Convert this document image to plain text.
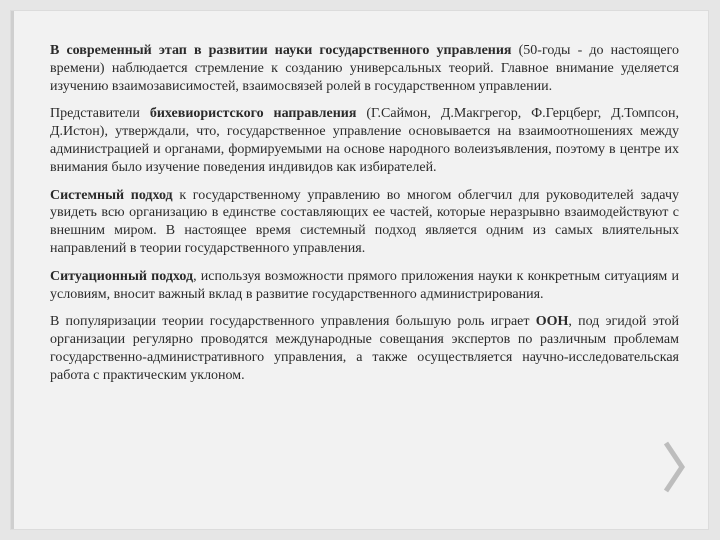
В современный этап в развитии науки государственного управления (50-годы - до настоящего времени) наблюдается стремление к созданию универсальных теорий. Главное внимание уделяется изучению взаимозависимостей, взаимосвязей ролей в государственном управлении.

Представители бихевиористского направления (Г.Саймон, Д.Макгрегор, Ф.Герцберг, Д.Томпсон, Д.Истон), утверждали, что, государственное управление основывается на взаимоотношениях между администрацией и органами, формируемыми на основе народного волеизъявления, поэтому в центре их внимания было изучение поведения индивидов как избирателей.

Системный подход к государственному управлению во многом облегчил для руководителей задачу увидеть всю организацию в единстве составляющих ее частей, которые неразрывно взаимодействуют с внешним миром. В настоящее время системный подход является одним из самых влиятельных направлений в теории государственного управления.

Ситуационный подход, используя возможности прямого приложения науки к конкретным ситуациям и условиям, вносит важный вклад в развитие государственного администрирования.

В популяризации теории государственного управления большую роль играет ООН, под эгидой этой организации регулярно проводятся международные совещания экспертов по различным проблемам государственно-административного управления, а также осуществляется научно-исследовательская работа с практическим уклоном.
